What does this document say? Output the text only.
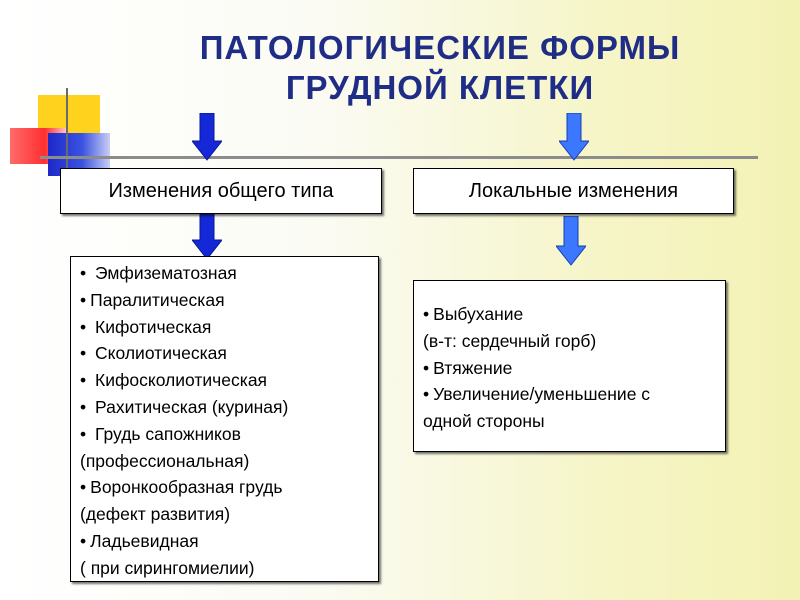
ПАТОЛОГИЧЕСКИЕ ФОРМЫ
ГРУДНОЙ КЛЕТКИ
Изменения общего типа	Локальные изменения
• Эмфизематозная
• Паралитическая
• Кифотическая
• Сколиотическая
• Кифосколиотическая
• Рахитическая (куриная)
• Грудь сапожников
(профессиональная)
• Воронкообразная грудь
(дефект развития)
• Ладьевидная
( при сирингомиелии)
• Выбухание
(в-т: сердечный горб)
• Втяжение
• Увеличение/уменьшение с
одной стороны
